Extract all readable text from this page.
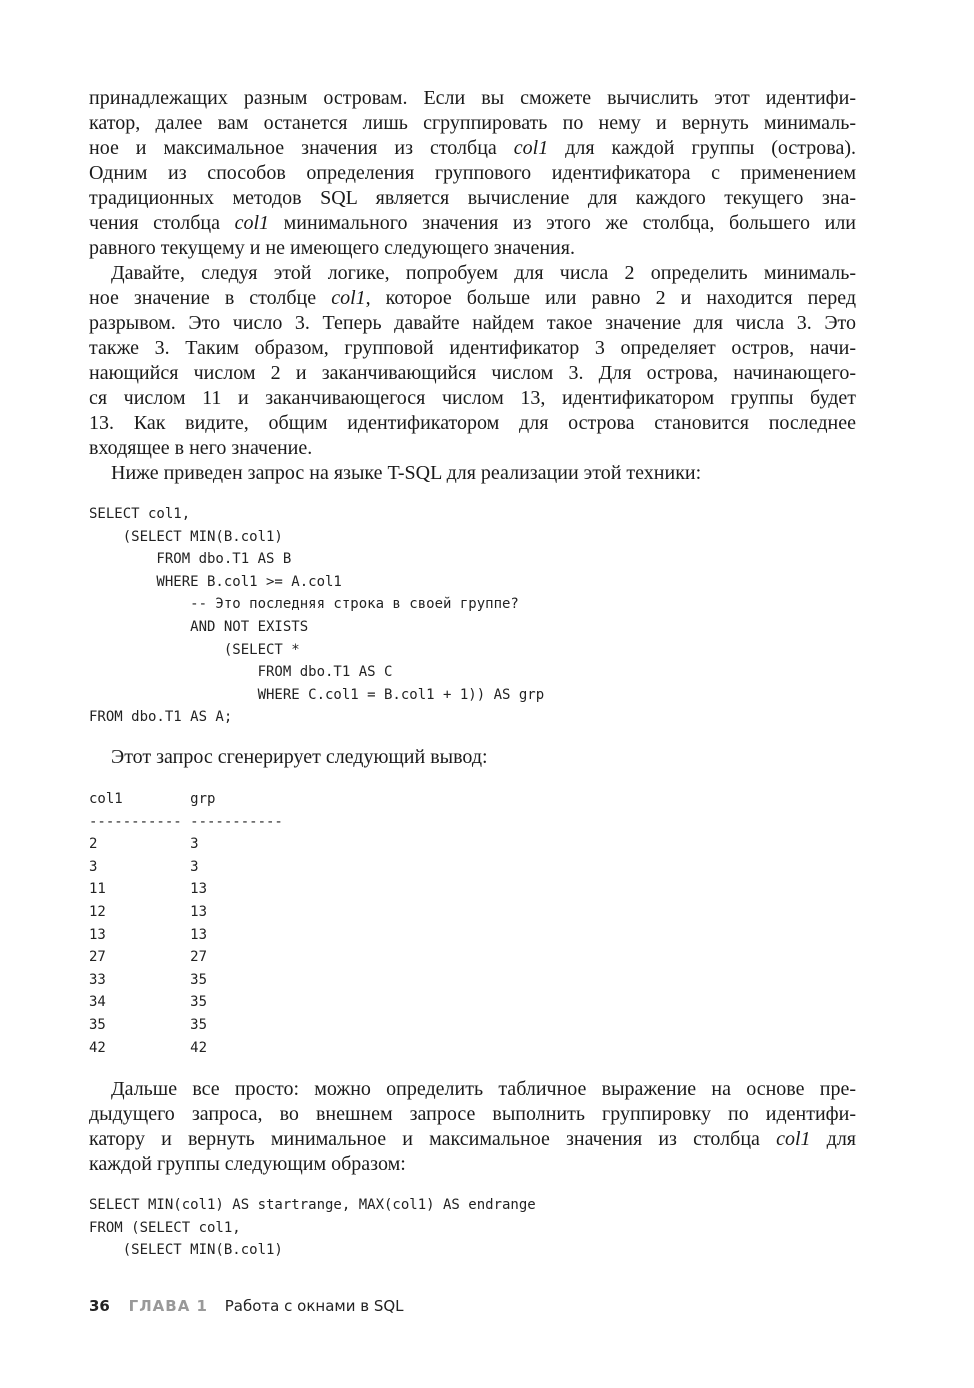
принадлежащих разным островам. Если вы сможете вычислить этот идентифи-
катор, далее вам останется лишь сгруппировать по нему и вернуть минималь-
ное и максимальное значения из столбца col1 для каждой группы (острова).
Одним из способов определения группового идентификатора с применением
традиционных методов SQL является вычисление для каждого текущего зна-
чения столбца col1 минимального значения из этого же столбца, большего или
равного текущему и не имеющего следующего значения.
Давайте, следуя этой логике, попробуем для числа 2 определить минималь-
ное значение в столбце col1, которое больше или равно 2 и находится перед
разрывом. Это число 3. Теперь давайте найдем такое значение для числа 3. Это
также 3. Таким образом, групповой идентификатор 3 определяет остров, начи-
нающийся числом 2 и заканчивающийся числом 3. Для острова, начинающего-
ся числом 11 и заканчивающегося числом 13, идентификатором группы будет
13. Как видите, общим идентификатором для острова становится последнее
входящее в него значение.
Ниже приведен запрос на языке T-SQL для реализации этой техники:
SELECT col1,
(SELECT MIN(B.col1)
FROM dbo.T1 AS B
WHERE B.col1 >= A.col1
-- Это последняя строка в своей группе?
AND NOT EXISTS
(SELECT *
FROM dbo.T1 AS C
WHERE C.col1 = B.col1 + 1)) AS grp
FROM dbo.T1 AS A;
Этот запрос сгенерирует следующий вывод:
col1        grp
----------- -----------
2           3
3           3
11          13
12          13
13          13
27          27
33          35
34          35
35          35
42          42
Дальше все просто: можно определить табличное выражение на основе пре-
дыдущего запроса, во внешнем запросе выполнить группировку по идентифи-
катору и вернуть минимальное и максимальное значения из столбца col1 для
каждой группы следующим образом:
SELECT MIN(col1) AS startrange, MAX(col1) AS endrange
FROM (SELECT col1,
(SELECT MIN(B.col1)
36 ГЛАВА 1 Работа с окнами в SQL
